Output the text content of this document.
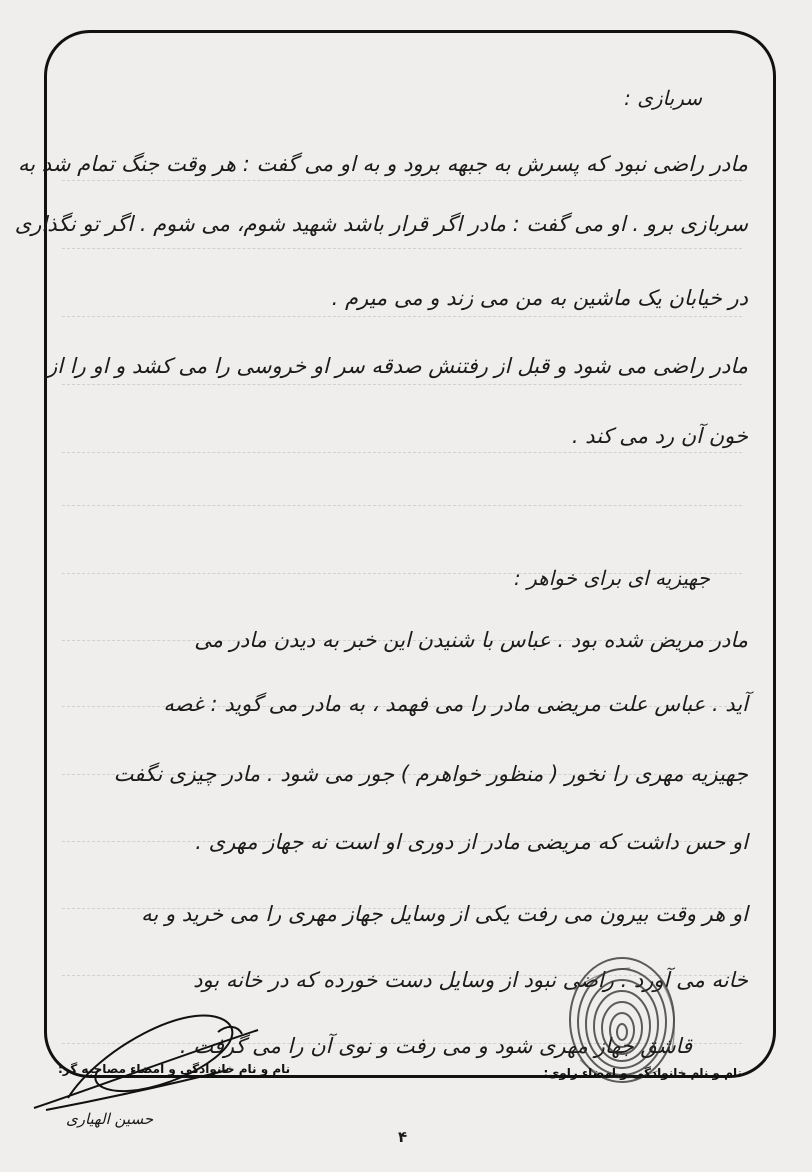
سربازی :
مادر راضی نبود که پسرش به جبهه برود و به او می گفت : هر وقت جنگ تمام شد به
سربازی برو . او می گفت : مادر اگر قرار باشد شهید شوم، می شوم . اگر تو نگذاری
در خیابان یک ماشین به من می زند و می میرم .
مادر راضی می شود و قبل از رفتنش صدقه سر او خروسی را می کشد و او را از
خون آن رد می کند .
جهیزیه ای برای خواهر :
مادر مریض شده بود . عباس با شنیدن این خبر به دیدن مادر می
آید . عباس علت مریضی مادر را می فهمد ، به مادر می گوید : غصه
جهیزیه مهری را نخور ( منظور خواهرم ) جور می شود . مادر چیزی نگفت
او حس داشت که مریضی مادر از دوری او است نه جهاز مهری .
او هر وقت بیرون می رفت یکی از وسایل جهاز مهری را می خرید و به
خانه می آورد . راضی نبود از وسایل دست خورده که در خانه بود
قاشق جهاز مهری شود و می رفت و نوی آن را می گرفت .
حسین الهیاری
نام و نام خانوادگی و امضاء راوی:
نام و نام خانوادگی و امضاء مصاحبه گر:
۴
